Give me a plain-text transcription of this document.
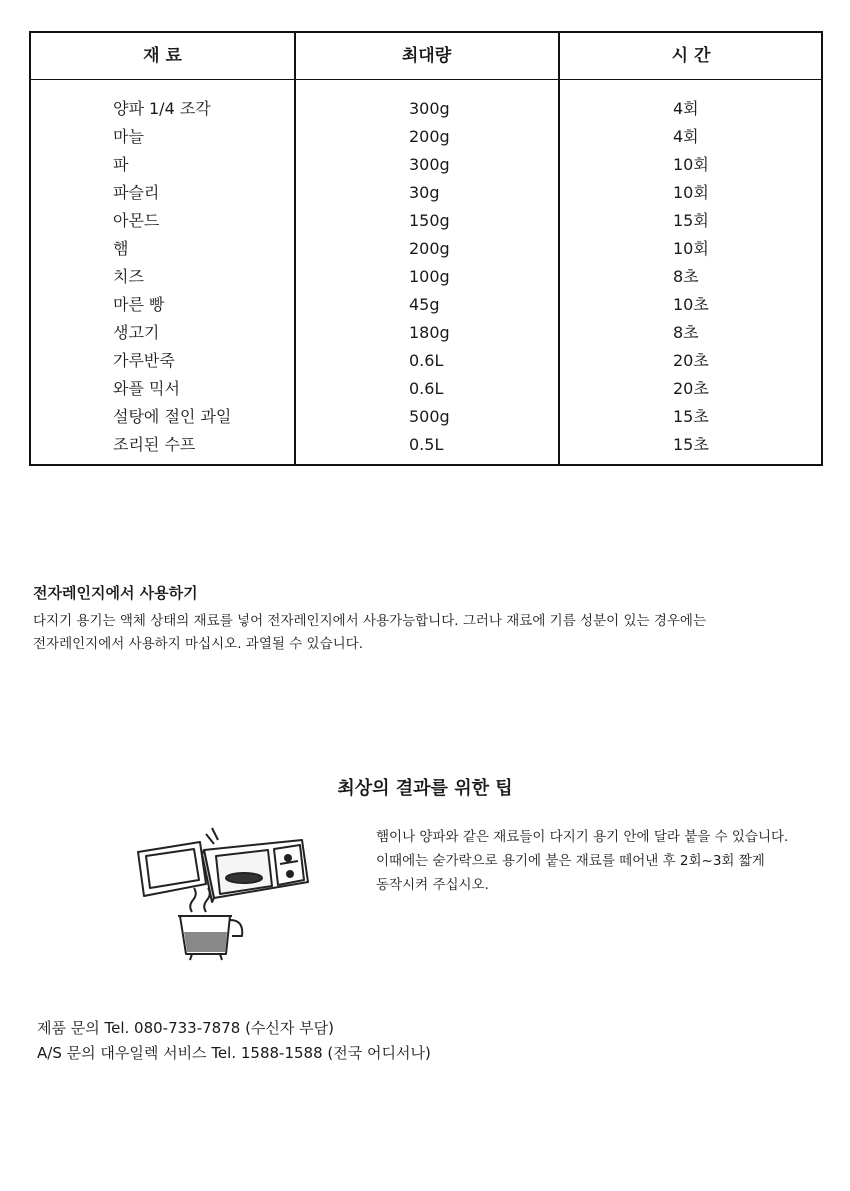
재 료	최대량	시 간
양파 1/4 조각	300g	4회
마늘	200g	4회
파	300g	10회
파슬리	30g	10회
아몬드	150g	15회
햄	200g	10회
치즈	100g	8초
마른 빵	45g	10초
생고기	180g	8초
가루반죽	0.6L	20초
와플 믹서	0.6L	20초
설탕에 절인 과일	500g	15초
조리된 수프	0.5L	15초
전자레인지에서 사용하기
다지기 용기는 액체 상태의 재료를 넣어 전자레인지에서 사용가능합니다. 그러나 재료에 기름 성분이 있는 경우에는
전자레인지에서 사용하지 마십시오. 과열될 수 있습니다.
최상의 결과를 위한 팁
햄이나 양파와 같은 재료들이 다지기 용기 안에 달라 붙을 수 있습니다.
이때에는 숟가락으로 용기에 붙은 재료를 떼어낸 후 2회~3회 짧게
동작시켜 주십시오.
제품 문의 Tel. 080-733-7878 (수신자 부담)
A/S 문의 대우일렉 서비스 Tel. 1588-1588 (전국 어디서나)
